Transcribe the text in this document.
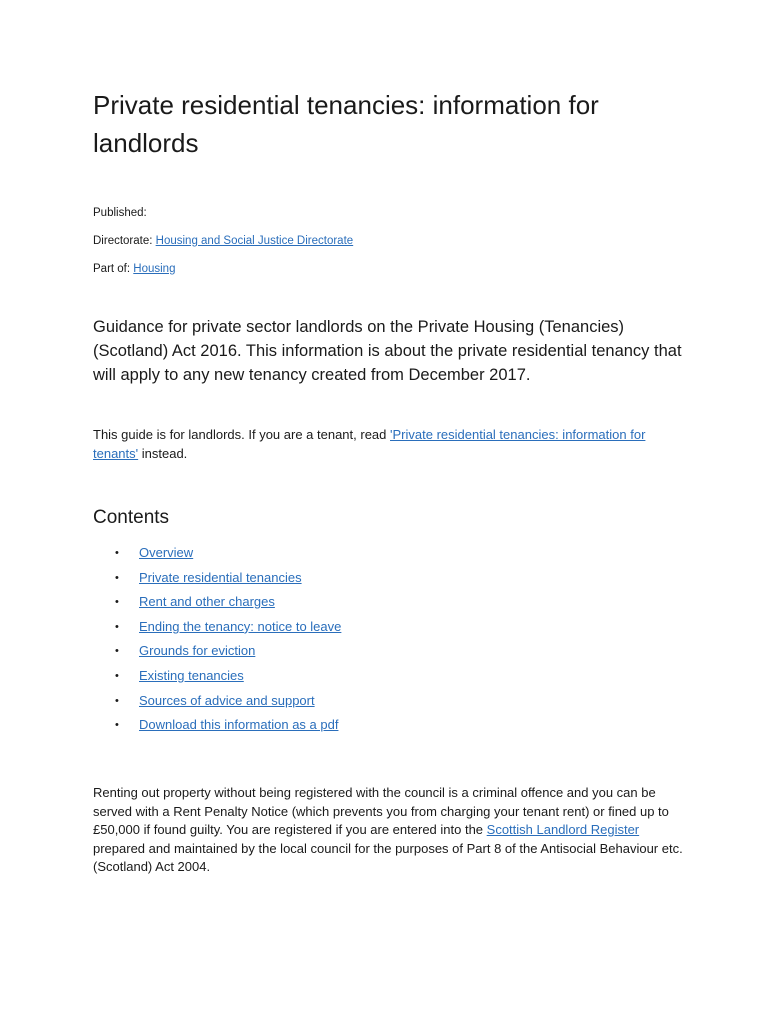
Private residential tenancies: information for landlords

Published:

Directorate: Housing and Social Justice Directorate

Part of: Housing

Guidance for private sector landlords on the Private Housing (Tenancies) (Scotland) Act 2016. This information is about the private residential tenancy that will apply to any new tenancy created from December 2017.

This guide is for landlords. If you are a tenant, read 'Private residential tenancies: information for tenants' instead.

Contents
• Overview
• Private residential tenancies
• Rent and other charges
• Ending the tenancy: notice to leave
• Grounds for eviction
• Existing tenancies
• Sources of advice and support
• Download this information as a pdf

Renting out property without being registered with the council is a criminal offence and you can be served with a Rent Penalty Notice (which prevents you from charging your tenant rent) or fined up to £50,000 if found guilty. You are registered if you are entered into the Scottish Landlord Register prepared and maintained by the local council for the purposes of Part 8 of the Antisocial Behaviour etc. (Scotland) Act 2004.
